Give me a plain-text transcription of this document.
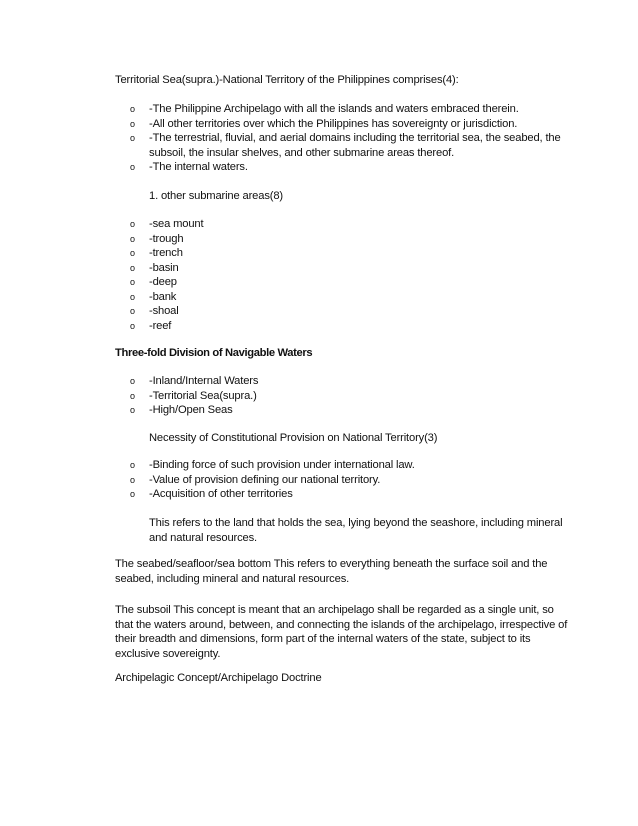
Territorial Sea(supra.)-National Territory of the Philippines comprises(4):
o -The Philippine Archipelago with all the islands and waters embraced therein.
o -All other territories over which the Philippines has sovereignty or jurisdiction.
o -The terrestrial, fluvial, and aerial domains including the territorial sea, the seabed, the subsoil, the insular shelves, and other submarine areas thereof.
o -The internal waters.
1. other submarine areas(8)
o -sea mount
o -trough
o -trench
o -basin
o -deep
o -bank
o -shoal
o -reef
Three-fold Division of Navigable Waters
o -Inland/Internal Waters
o -Territorial Sea(supra.)
o -High/Open Seas
Necessity of Constitutional Provision on National Territory(3)
o -Binding force of such provision under international law.
o -Value of provision defining our national territory.
o -Acquisition of other territories
This refers to the land that holds the sea, lying beyond the seashore, including mineral and natural resources.
The seabed/seafloor/sea bottom This refers to everything beneath the surface soil and the seabed, including mineral and natural resources.
The subsoil This concept is meant that an archipelago shall be regarded as a single unit, so that the waters around, between, and connecting the islands of the archipelago, irrespective of their breadth and dimensions, form part of the internal waters of the state, subject to its exclusive sovereignty.
Archipelagic Concept/Archipelago Doctrine
